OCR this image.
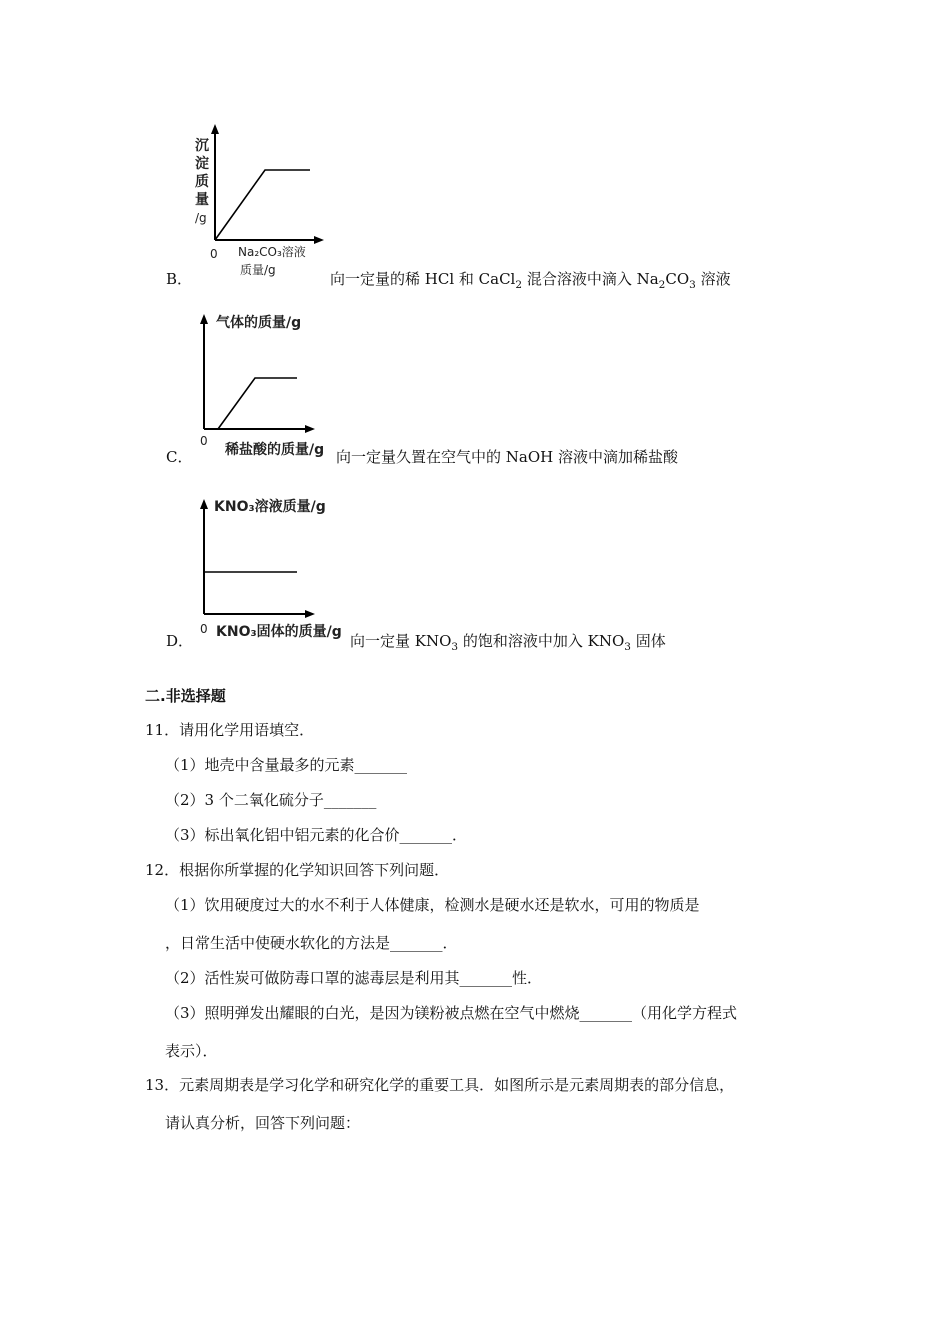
沉
淀
质
量
/g
0 Na₂CO₃溶液
质量/g
B．	向一定量的稀 HCl 和 CaCl$_2$ 混合溶液中滴入 $Na_2CO_3$ 溶液
气体的质量/g
0
稀盐酸的质量/g
C．	向一定量久置在空气中的 NaOH 溶液中滴加稀盐酸
KNO₃溶液质量/g
0 KNO₃固体的质量/g
D．	向一定量 $KNO_3$ 的饱和溶液中加入 $KNO_3$ 固体
二.非选择题
11．请用化学用语填空．
（1）地壳中含量最多的元素_______
（2）3 个二氧化硫分子_______
（3）标出氧化铝中铝元素的化合价_______．
12．根据你所掌握的化学知识回答下列问题．
（1）饮用硬度过大的水不利于人体健康，检测水是硬水还是软水，可用的物质是
，日常生活中使硬水软化的方法是_______．
（2）活性炭可做防毒口罩的滤毒层是利用其_______性．
（3）照明弹发出耀眼的白光，是因为镁粉被点燃在空气中燃烧_______（用化学方程式
表示）．
13．元素周期表是学习化学和研究化学的重要工具．如图所示是元素周期表的部分信息，
请认真分析，回答下列问题：
